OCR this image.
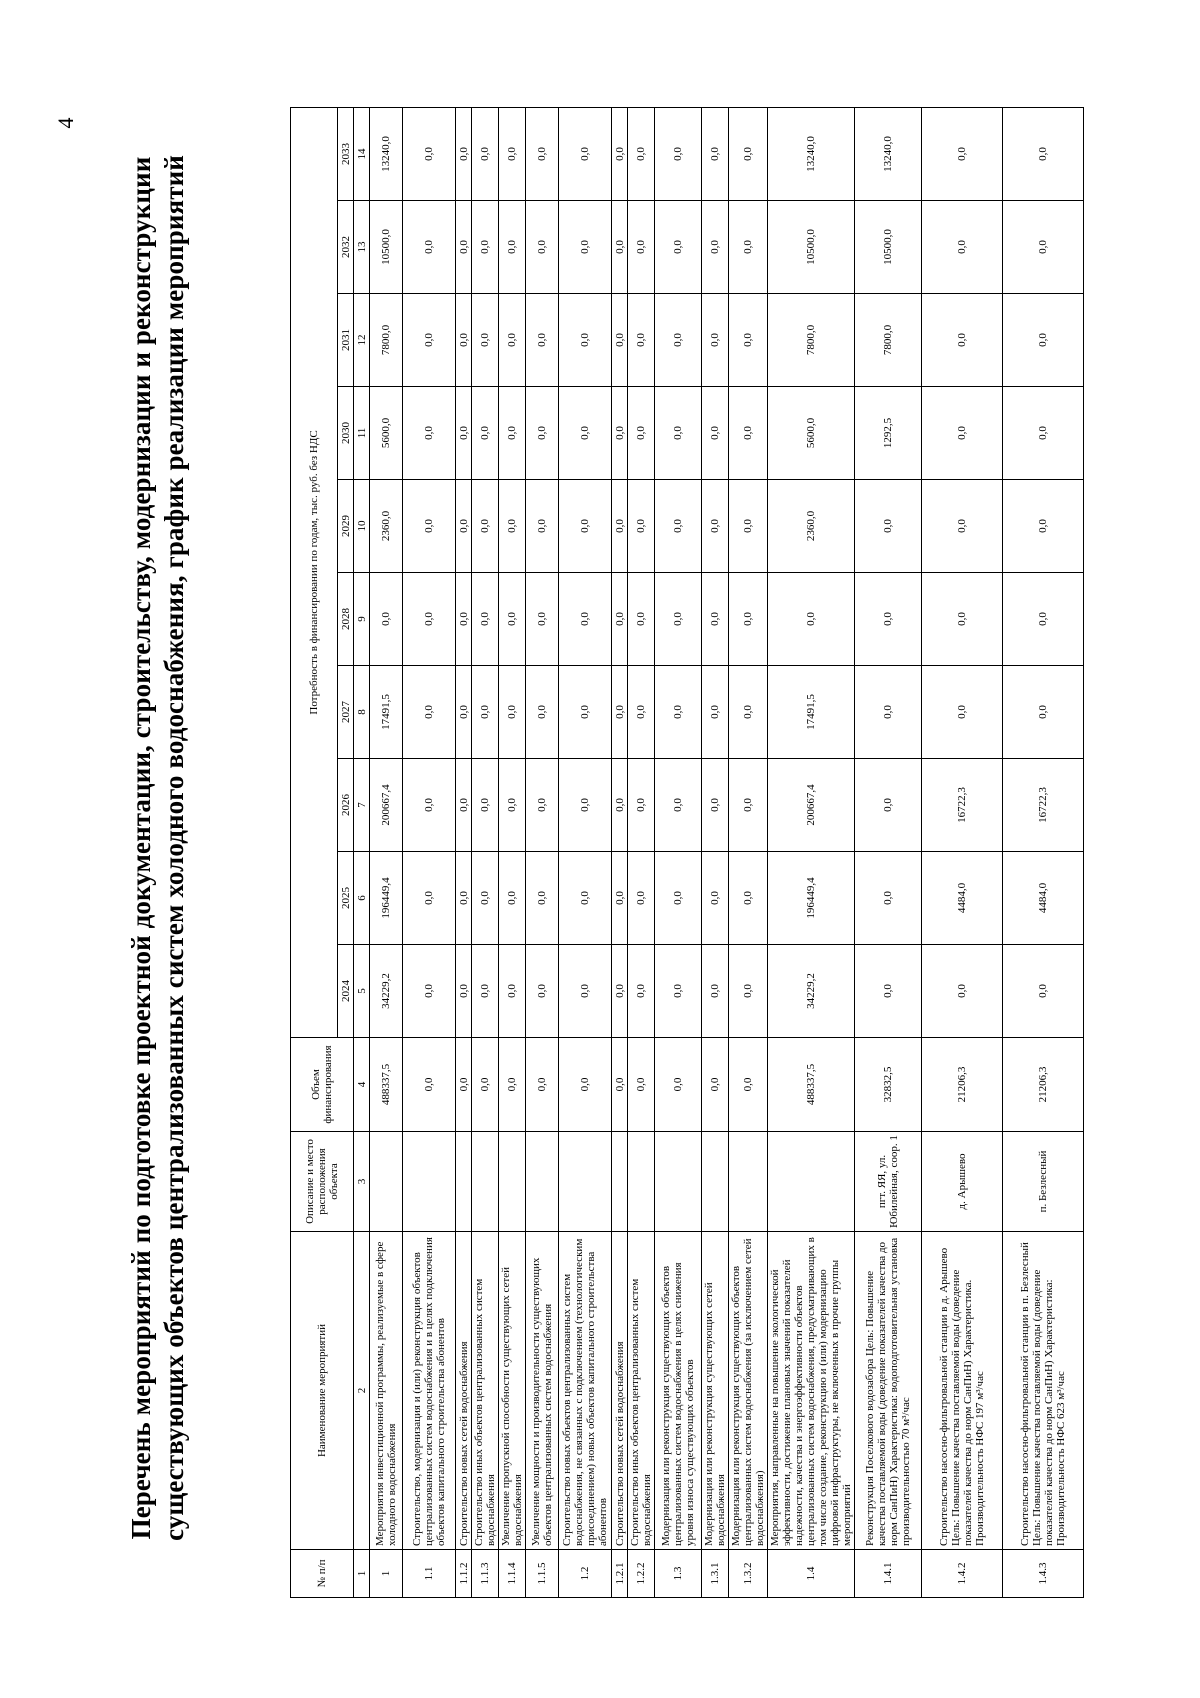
4
Перечень мероприятий по подготовке проектной документации, строительству, модернизации и реконструкции существующих объектов централизованных систем холодного водоснабжения, график реализации мероприятий
№ п/п	Наименование мероприятий	Описание и место расположения объекта	Объем финансирования	Потребность в финансировании по годам, тыс. руб. без НДС									
				2024	2025	2026	2027	2028	2029	2030	2031	2032	2033
1	2	3	4	5	6	7	8	9	10	11	12	13	14
1	Мероприятия инвестиционной программы, реализуемые в сфере холодного водоснабжения		488337,5	34229,2	196449,4	200667,4	17491,5	0,0	2360,0	5600,0	7800,0	10500,0	13240,0
1.1	Строительство, модернизация и (или) реконструкция объектов централизованных систем водоснабжения и в целях подключения объектов капитального строительства абонентов		0,0	0,0	0,0	0,0	0,0	0,0	0,0	0,0	0,0	0,0	0,0
1.1.2	Строительство новых сетей водоснабжения		0,0	0,0	0,0	0,0	0,0	0,0	0,0	0,0	0,0	0,0	0,0
1.1.3	Строительство иных объектов централизованных систем водоснабжения		0,0	0,0	0,0	0,0	0,0	0,0	0,0	0,0	0,0	0,0	0,0
1.1.4	Увеличение пропускной способности существующих сетей водоснабжения		0,0	0,0	0,0	0,0	0,0	0,0	0,0	0,0	0,0	0,0	0,0
1.1.5	Увеличение мощности и производительности существующих объектов централизованных систем водоснабжения		0,0	0,0	0,0	0,0	0,0	0,0	0,0	0,0	0,0	0,0	0,0
1.2	Строительство новых объектов централизованных систем водоснабжения, не связанных с подключением (технологическим присоединением) новых объектов капитального строительства абонентов		0,0	0,0	0,0	0,0	0,0	0,0	0,0	0,0	0,0	0,0	0,0
1.2.1	Строительство новых сетей водоснабжения		0,0	0,0	0,0	0,0	0,0	0,0	0,0	0,0	0,0	0,0	0,0
1.2.2	Строительство иных объектов централизованных систем водоснабжения		0,0	0,0	0,0	0,0	0,0	0,0	0,0	0,0	0,0	0,0	0,0
1.3	Модернизация или реконструкция существующих объектов централизованных систем водоснабжения в целях снижения уровня износа существующих объектов		0,0	0,0	0,0	0,0	0,0	0,0	0,0	0,0	0,0	0,0	0,0
1.3.1	Модернизация или реконструкция существующих сетей водоснабжения		0,0	0,0	0,0	0,0	0,0	0,0	0,0	0,0	0,0	0,0	0,0
1.3.2	Модернизация или реконструкция существующих объектов централизованных систем водоснабжения (за исключением сетей водоснабжения)		0,0	0,0	0,0	0,0	0,0	0,0	0,0	0,0	0,0	0,0	0,0
1.4	Мероприятия, направленные на повышение экологической эффективности, достижение плановых значений показателей надежности, качества и энергоэффективности объектов централизованных систем водоснабжения, предусматривающих в том числе создание, реконструкцию и (или) модернизацию цифровой инфраструктуры, не включенных в прочие группы мероприятий		488337,5	34229,2	196449,4	200667,4	17491,5	0,0	2360,0	5600,0	7800,0	10500,0	13240,0
1.4.1	Реконструкция Поселкового водозабора Цель: Повышение качества поставляемой воды (доведение показателей качества до норм СанПиН) Характеристика: водоподготовительная установка производительностью 70 м³/час	пгт. ЯЯ, ул. Юбилейная, соор. 1	32832,5	0,0	0,0	0,0	0,0	0,0	0,0	1292,5	7800,0	10500,0	13240,0
1.4.2	Строительство насосно-фильтровальной станции в д. Арышево Цель: Повышение качества поставляемой воды (доведение показателей качества до норм СанПиН) Характеристика. Производительность НФС 197 м³/час	д. Арышево	21206,3	0,0	4484,0	16722,3	0,0	0,0	0,0	0,0	0,0	0,0	0,0
1.4.3	Строительство насосно-фильтровальной станции в п. Безлесный Цель: Повышение качества поставляемой воды (доведение показателей качества до норм СанПиН) Характеристика: Производительность НФС 623 м³/час	п. Безлесный	21206,3	0,0	4484,0	16722,3	0,0	0,0	0,0	0,0	0,0	0,0	0,0
